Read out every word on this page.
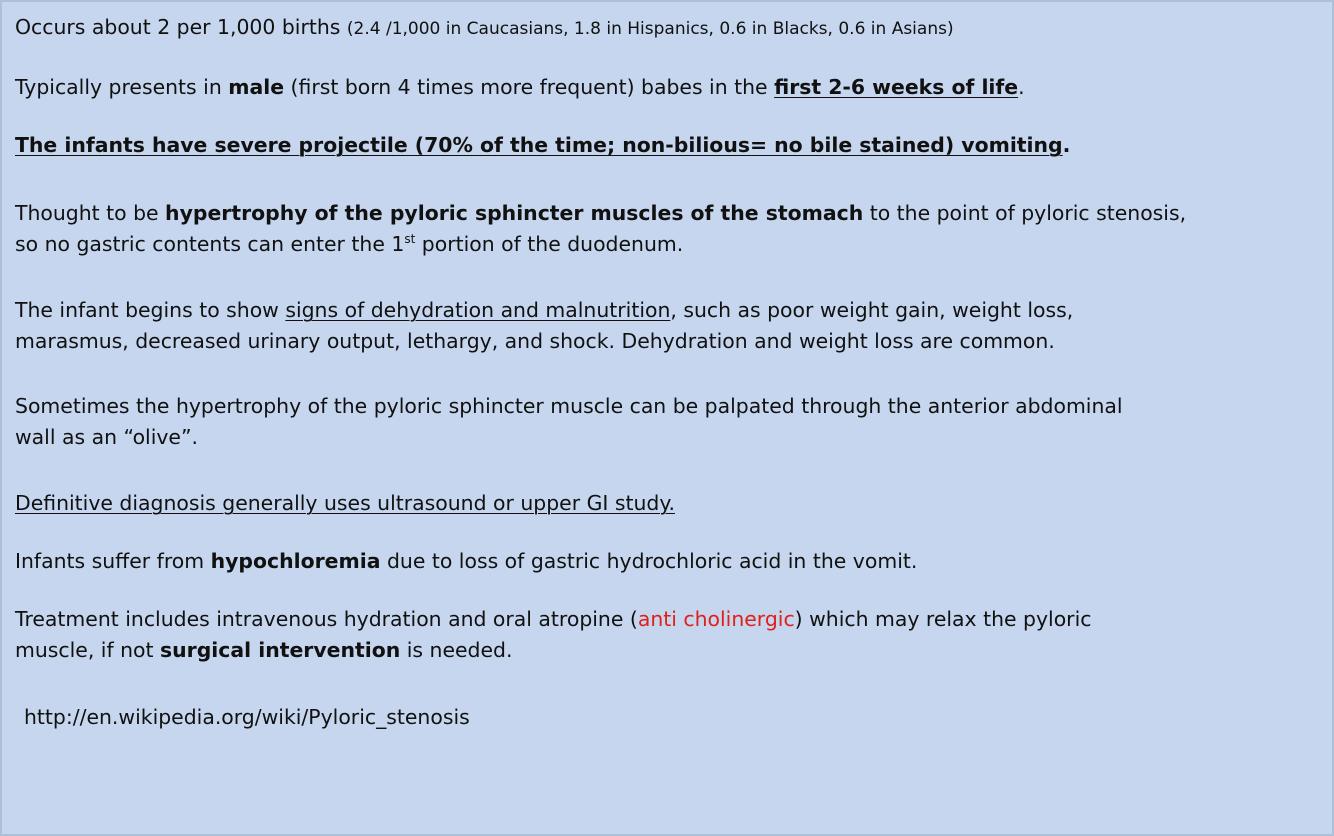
Occurs about 2 per 1,000 births (2.4 /1,000 in Caucasians, 1.8 in Hispanics, 0.6 in Blacks, 0.6 in Asians)

Typically presents in male (first born 4 times more frequent) babes in the first 2-6 weeks of life.

The infants have severe projectile (70% of the time; non-bilious= no bile stained) vomiting.

Thought to be hypertrophy of the pyloric sphincter muscles of the stomach to the point of pyloric stenosis,
so no gastric contents can enter the 1st portion of the duodenum.

The infant begins to show signs of dehydration and malnutrition, such as poor weight gain, weight loss,
marasmus, decreased urinary output, lethargy, and shock. Dehydration and weight loss are common.

Sometimes the hypertrophy of the pyloric sphincter muscle can be palpated through the anterior abdominal
wall as an “olive”.

Definitive diagnosis generally uses ultrasound or upper GI study.

Infants suffer from hypochloremia due to loss of gastric hydrochloric acid in the vomit.

Treatment includes intravenous hydration and oral atropine (anti cholinergic) which may relax the pyloric
muscle, if not surgical intervention is needed.

http://en.wikipedia.org/wiki/Pyloric_stenosis
